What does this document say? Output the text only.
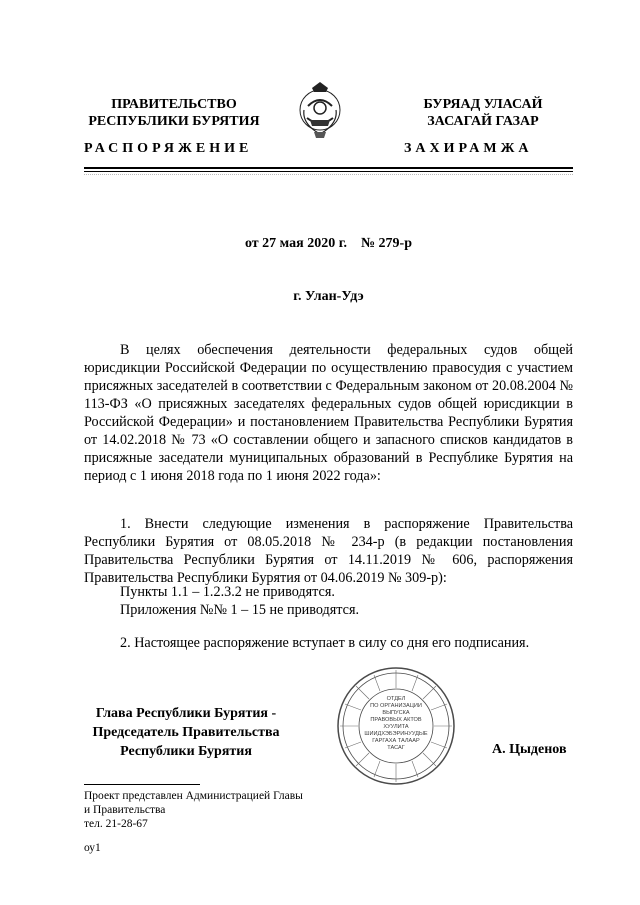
ПРАВИТЕЛЬСТВО
РЕСПУБЛИКИ БУРЯТИЯ
БУРЯАД УЛАСАЙ
ЗАСАГАЙ ГАЗАР
РАСПОРЯЖЕНИЕ	ЗАХИРАМЖА
от 27 мая 2020 г.    № 279-р
г. Улан-Удэ

В целях обеспечения деятельности федеральных судов общей юрисдикции Российской Федерации по осуществлению правосудия с участием присяжных заседателей в соответствии с Федеральным законом от 20.08.2004 № 113-ФЗ «О присяжных заседателях федеральных судов общей юрисдикции в Российской Федерации» и постановлением Правительства Республики Бурятия от 14.02.2018 № 73 «О составлении общего и запасного списков кандидатов в присяжные заседатели муниципальных образований в Республике Бурятия на период с 1 июня 2018 года по 1 июня 2022 года»:

1. Внести следующие изменения в распоряжение Правительства Республики Бурятия от 08.05.2018 № 234-р (в редакции постановления Правительства Республики Бурятия от 14.11.2019 № 606, распоряжения Правительства Республики Бурятия от 04.06.2019 № 309-р):

Пункты 1.1 – 1.2.3.2 не приводятся.
Приложения №№ 1 – 15 не приводятся.

2. Настоящее распоряжение вступает в силу со дня его подписания.

ОТДЕЛ
ПО ОРГАНИЗАЦИИ
ВЫПУСКА
ПРАВОВЫХ АКТОВ
ХУУЛИТА
ШИИДХЭБЭРИНУУДЫЕ
ГАРГАХА ТАЛААР
ТАСАГ
Глава Республики Бурятия -
Председатель Правительства
Республики Бурятия	А. Цыденов
Проект представлен Администрацией Главы
и Правительства
тел. 21-28-67
оу1
